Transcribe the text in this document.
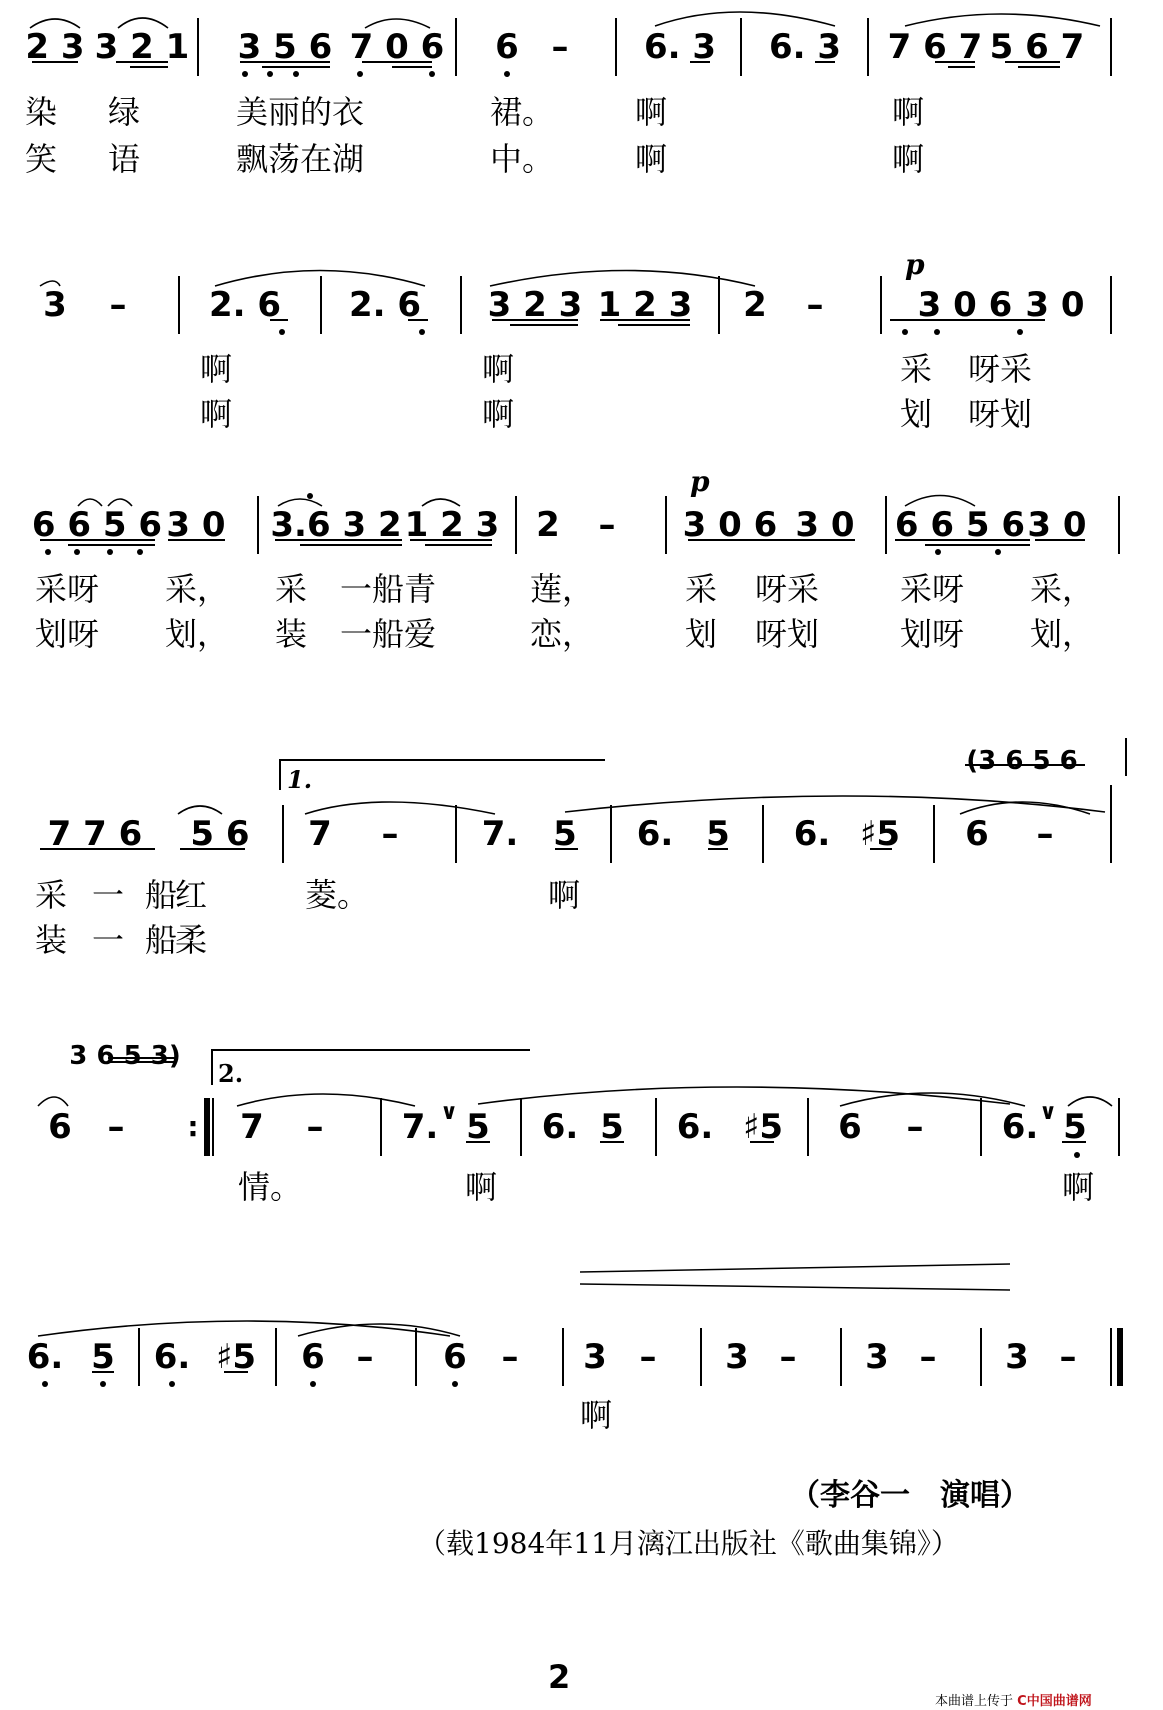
2 3 3 2 1 3 5 6 7 0 6 6 – 6. 3 6. 3 7 6 7 5 6 7
染 绿	美丽的衣	裙。	啊	啊
笑 语	飘荡在湖	中。	啊	啊
p
3 – 2. 6 2. 6 3 2 3 1 2 3 2 –	3 0 6 3 0
啊	啊	采 呀采
啊	啊	划 呀划
p
6 6 5 6 3 0 3.6 3 2 1 2 3 2 – 3 0 6 3 0 6 6 5 6 3 0
采呀 采， 采 一船青	莲，	采 呀采	采呀 采，
划呀 划， 装 一船爱	恋，	划 呀划	划呀 划，
(3 6 5 6
1.
7 7 6 5 6 7 – 7. 5 6. 5 6. ♯5 6 –
采 一 船
红	菱。	啊
装 一 船
柔
3 6 5 3)
2.
6 – : 7 – 7. ∨ 5 6. 5 6. ♯5 6 – 6. ∨ 5
情。	啊	啊
6. 5 6. ♯5 6 – 6 – 3 – 3 – 3 – 3 –
啊
（李谷一　演唱）
（载1984年11月漓江出版社《歌曲集锦》）
2
本曲谱上传于 C中国曲谱网
